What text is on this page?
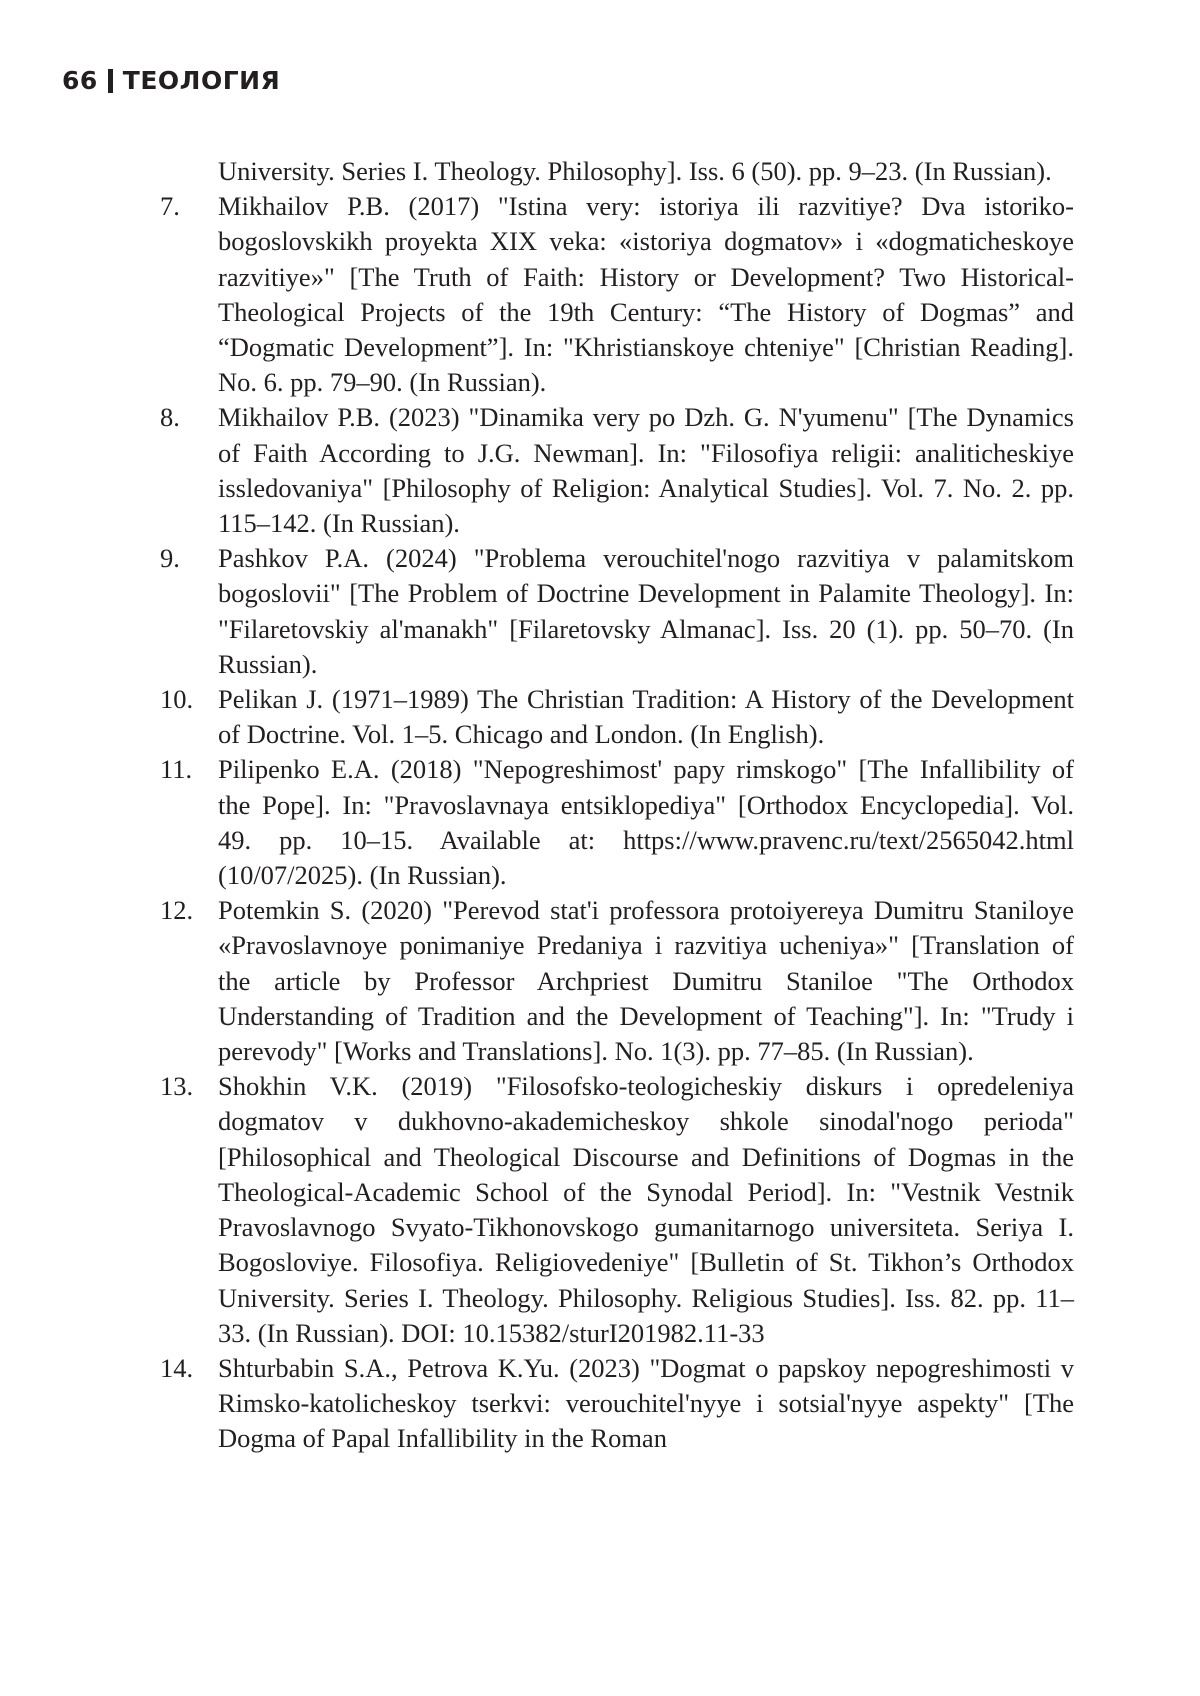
66 ТЕОЛОГИЯ
University. Series I. Theology. Philosophy]. Iss. 6 (50). pp. 9–23. (In Russian).
7.	Mikhailov P.B. (2017) "Istina very: istoriya ili razvitiye? Dva istoriko-bogoslovskikh proyekta XIX veka: «istoriya dogmatov» i «dogmaticheskoye razvitiye»" [The Truth of Faith: History or Development? Two Historical-Theological Projects of the 19th Century: “The History of Dogmas” and “Dogmatic Development”]. In: "Khristianskoye chteniye" [Christian Reading]. No. 6. pp. 79–90. (In Russian).
8.	Mikhailov P.B. (2023) "Dinamika very po Dzh. G. N'yumenu" [The Dynamics of Faith According to J.G. Newman]. In: "Filosofiya religii: analiticheskiye issledovaniya" [Philosophy of Religion: Analytical Studies]. Vol. 7. No. 2. pp. 115–142. (In Russian).
9.	Pashkov P.A. (2024) "Problema verouchitel'nogo razvitiya v palamitskom bogoslovii" [The Problem of Doctrine Development in Palamite Theology]. In: "Filaretovskiy al'manakh" [Filaretovsky Almanac]. Iss. 20 (1). pp. 50–70. (In Russian).
10. Pelikan J. (1971–1989) The Christian Tradition: A History of the Development of Doctrine. Vol. 1–5. Chicago and London. (In English).
11. Pilipenko E.A. (2018) "Nepogreshimost' papy rimskogo" [The Infallibility of the Pope]. In: "Pravoslavnaya entsiklopediya" [Orthodox Encyclopedia]. Vol. 49. pp. 10–15. Available at: https://www.pravenc.ru/text/2565042.html (10/07/2025). (In Russian).
12. Potemkin S. (2020) "Perevod stat'i professora protoiyereya Dumitru Staniloye «Pravoslavnoye ponimaniye Predaniya i razvitiya ucheniya»" [Translation of the article by Professor Archpriest Dumitru Staniloe "The Orthodox Understanding of Tradition and the Development of Teaching"]. In: "Trudy i perevody" [Works and Translations]. No. 1(3). pp. 77–85. (In Russian).
13. Shokhin V.K. (2019) "Filosofsko-teologicheskiy diskurs i opredeleniya dogmatov v dukhovno-akademicheskoy shkole sinodal'nogo perioda" [Philosophical and Theological Discourse and Definitions of Dogmas in the Theological-Academic School of the Synodal Period]. In: "Vestnik Vestnik Pravoslavnogo Svyato-Tikhonovskogo gumanitarnogo universiteta. Seriya I. Bogosloviye. Filosofiya. Religiovedeniye" [Bulletin of St. Tikhon’s Orthodox University. Series I. Theology. Philosophy. Religious Studies]. Iss. 82. pp. 11–33. (In Russian). DOI: 10.15382/sturI201982.11-33
14. Shturbabin S.A., Petrova K.Yu. (2023) "Dogmat o papskoy nepogreshimosti v Rimsko-katolicheskoy tserkvi: verouchitel'nyye i sotsial'nyye aspekty" [The Dogma of Papal Infallibility in the Roman
